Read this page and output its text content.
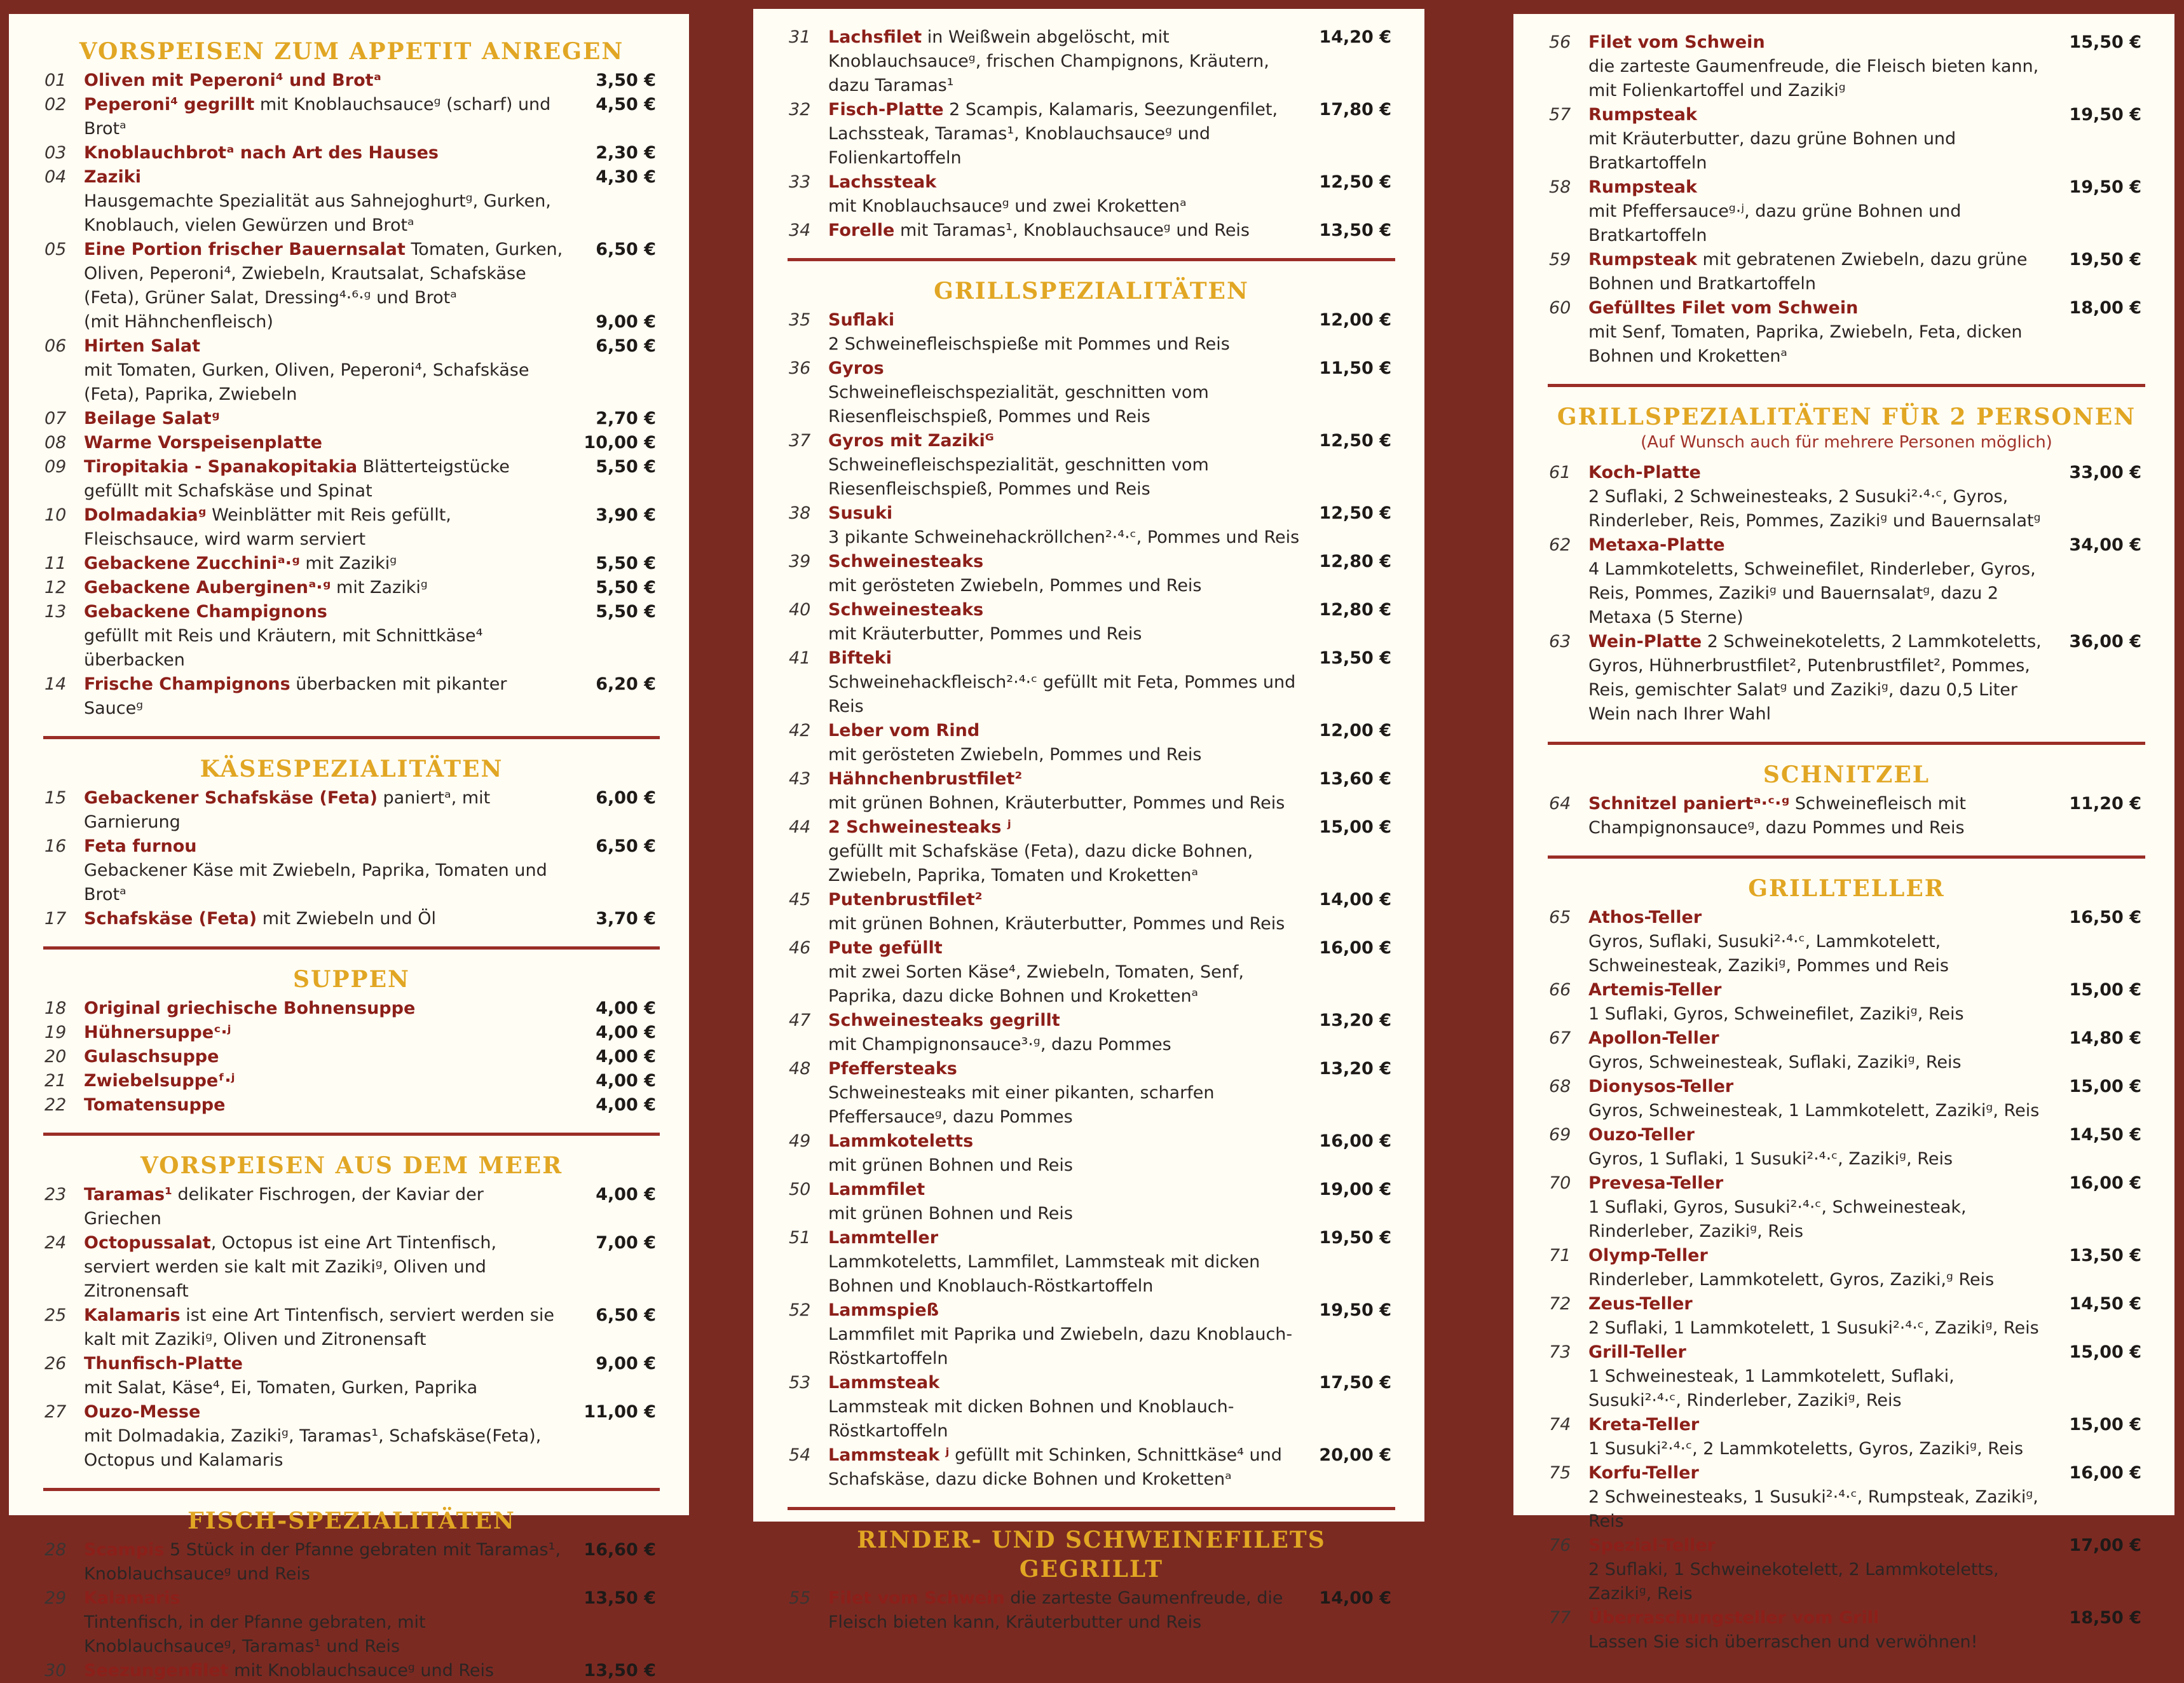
VORSPEISEN ZUM APPETIT ANREGEN
01 Oliven mit Peperoni⁴ und Brotᵃ	3,50 €
02 Peperoni⁴ gegrillt mit Knoblauchsauceᵍ (scharf) und Brotᵃ
4,50 €
03 Knoblauchbrotᵃ nach Art des Hauses	2,30 €
04 Zaziki
Hausgemachte Spezialität aus Sahnejoghurtᵍ, Gurken, Knoblauch, vielen Gewürzen und Brotᵃ
4,30 €
05 Eine Portion frischer Bauernsalat Tomaten, Gurken, Oliven, Peperoni⁴, Zwiebeln, Krautsalat, Schafskäse (Feta), Grüner Salat, Dressing⁴·⁶·ᵍ und Brotᵃ
6,50 €
(mit Hähnchenfleisch)	9,00 €
06 Hirten Salat
mit Tomaten, Gurken, Oliven, Peperoni⁴, Schafskäse (Feta), Paprika, Zwiebeln
6,50 €
07 Beilage Salatᵍ	2,70 €
08 Warme Vorspeisenplatte	10,00 €
09 Tiropitakia - Spanakopitakia Blätterteigstücke gefüllt mit Schafskäse und Spinat
5,50 €
10 Dolmadakiaᵍ Weinblätter mit Reis gefüllt, Fleischsauce, wird warm serviert
3,90 €
11 Gebackene Zucchiniᵃ·ᵍ mit Zazikiᵍ	5,50 €
12 Gebackene Auberginenᵃ·ᵍ mit Zazikiᵍ	5,50 €
13 Gebackene Champignons
gefüllt mit Reis und Kräutern, mit Schnittkäse⁴ überbacken
5,50 €
14 Frische Champignons überbacken mit pikanter Sauceᵍ
6,20 €
KÄSESPEZIALITÄTEN
15 Gebackener Schafskäse (Feta) paniertᵃ, mit Garnierung
6,00 €
16 Feta furnou
Gebackener Käse mit Zwiebeln, Paprika, Tomaten und Brotᵃ
6,50 €
17 Schafskäse (Feta) mit Zwiebeln und Öl	3,70 €
SUPPEN
18 Original griechische Bohnensuppe	4,00 €
19 Hühnersuppeᶜ·ʲ	4,00 €
20 Gulaschsuppe	4,00 €
21 Zwiebelsuppeᶠ·ʲ	4,00 €
22 Tomatensuppe	4,00 €
VORSPEISEN AUS DEM MEER
23 Taramas¹ delikater Fischrogen, der Kaviar der Griechen
4,00 €
24 Octopussalat, Octopus ist eine Art Tintenfisch, serviert werden sie kalt mit Zazikiᵍ, Oliven und Zitronensaft
7,00 €
25 Kalamaris ist eine Art Tintenfisch, serviert werden sie kalt mit Zazikiᵍ, Oliven und Zitronensaft
6,50 €
26 Thunfisch-Platte
mit Salat, Käse⁴, Ei, Tomaten, Gurken, Paprika
9,00 €
27 Ouzo-Messe
mit Dolmadakia, Zazikiᵍ, Taramas¹, Schafskäse(Feta), Octopus und Kalamaris
11,00 €
FISCH-SPEZIALITÄTEN
28 Scampis 5 Stück in der Pfanne gebraten mit Taramas¹, Knoblauchsauceᵍ und Reis
16,60 €
29 Kalamaris
Tintenfisch, in der Pfanne gebraten, mit Knoblauchsauceᵍ, Taramas¹ und Reis
13,50 €
30 Seezungenfilet mit Knoblauchsauceᵍ und Reis	13,50 €
31 Lachsfilet in Weißwein abgelöscht, mit Knoblauchsauceᵍ, frischen Champignons, Kräutern, dazu Taramas¹
14,20 €
32 Fisch-Platte 2 Scampis, Kalamaris, Seezungenfilet, Lachssteak, Taramas¹, Knoblauchsauceᵍ und Folienkartoffeln
17,80 €
33 Lachssteak
mit Knoblauchsauceᵍ und zwei Krokettenᵃ
12,50 €
34 Forelle mit Taramas¹, Knoblauchsauceᵍ und Reis	13,50 €
GRILLSPEZIALITÄTEN
35 Suflaki
2 Schweinefleischspieße mit Pommes und Reis
12,00 €
36 Gyros
Schweinefleischspezialität, geschnitten vom Riesenfleischspieß, Pommes und Reis
11,50 €
37 Gyros mit Zazikiᴳ
Schweinefleischspezialität, geschnitten vom Riesenfleischspieß, Pommes und Reis
12,50 €
38 Susuki
3 pikante Schweinehackröllchen²·⁴·ᶜ, Pommes und Reis
12,50 €
39 Schweinesteaks
mit gerösteten Zwiebeln, Pommes und Reis
12,80 €
40 Schweinesteaks
mit Kräuterbutter, Pommes und Reis
12,80 €
41 Bifteki
Schweinehackfleisch²·⁴·ᶜ gefüllt mit Feta, Pommes und Reis
13,50 €
42 Leber vom Rind
mit gerösteten Zwiebeln, Pommes und Reis
12,00 €
43 Hähnchenbrustfilet²
mit grünen Bohnen, Kräuterbutter, Pommes und Reis
13,60 €
44 2 Schweinesteaks ʲ
gefüllt mit Schafskäse (Feta), dazu dicke Bohnen, Zwiebeln, Paprika, Tomaten und Krokettenᵃ
15,00 €
45 Putenbrustfilet²
mit grünen Bohnen, Kräuterbutter, Pommes und Reis
14,00 €
46 Pute gefüllt
mit zwei Sorten Käse⁴, Zwiebeln, Tomaten, Senf, Paprika, dazu dicke Bohnen und Krokettenᵃ
16,00 €
47 Schweinesteaks gegrillt
mit Champignonsauce³·ᵍ, dazu Pommes
13,20 €
48 Pfeffersteaks
Schweinesteaks mit einer pikanten, scharfen Pfeffersauceᵍ, dazu Pommes
13,20 €
49 Lammkoteletts
mit grünen Bohnen und Reis
16,00 €
50 Lammfilet
mit grünen Bohnen und Reis
19,00 €
51 Lammteller
Lammkoteletts, Lammfilet, Lammsteak mit dicken Bohnen und Knoblauch-Röstkartoffeln
19,50 €
52 Lammspieß
Lammfilet mit Paprika und Zwiebeln, dazu Knoblauch-Röstkartoffeln
19,50 €
53 Lammsteak
Lammsteak mit dicken Bohnen und Knoblauch-Röstkartoffeln
17,50 €
54 Lammsteak ʲ gefüllt mit Schinken, Schnittkäse⁴ und Schafskäse, dazu dicke Bohnen und Krokettenᵃ
20,00 €
RINDER- UND SCHWEINEFILETS GEGRILLT
55 Filet vom Schwein die zarteste Gaumenfreude, die Fleisch bieten kann, Kräuterbutter und Reis
14,00 €
56 Filet vom Schwein
die zarteste Gaumenfreude, die Fleisch bieten kann, mit Folienkartoffel und Zazikiᵍ
15,50 €
57 Rumpsteak
mit Kräuterbutter, dazu grüne Bohnen und Bratkartoffeln
19,50 €
58 Rumpsteak
mit Pfeffersauceᵍ·ʲ, dazu grüne Bohnen und Bratkartoffeln
19,50 €
59 Rumpsteak mit gebratenen Zwiebeln, dazu grüne Bohnen und Bratkartoffeln
19,50 €
60 Gefülltes Filet vom Schwein
mit Senf, Tomaten, Paprika, Zwiebeln, Feta, dicken Bohnen und Krokettenᵃ
18,00 €
GRILLSPEZIALITÄTEN FÜR 2 PERSONEN
(Auf Wunsch auch für mehrere Personen möglich)
61 Koch-Platte
2 Suflaki, 2 Schweinesteaks, 2 Susuki²·⁴·ᶜ, Gyros, Rinderleber, Reis, Pommes, Zazikiᵍ und Bauernsalatᵍ
33,00 €
62 Metaxa-Platte
4 Lammkoteletts, Schweinefilet, Rinderleber, Gyros, Reis, Pommes, Zazikiᵍ und Bauernsalatᵍ, dazu 2 Metaxa (5 Sterne)
34,00 €
63 Wein-Platte 2 Schweinekoteletts, 2 Lammkoteletts, Gyros, Hühnerbrustfilet², Putenbrustfilet², Pommes, Reis, gemischter Salatᵍ und Zazikiᵍ, dazu 0,5 Liter Wein nach Ihrer Wahl
36,00 €
SCHNITZEL
64 Schnitzel paniertᵃ·ᶜ·ᵍ Schweinefleisch mit Champignonsauceᵍ, dazu Pommes und Reis
11,20 €
GRILLTELLER
65 Athos-Teller
Gyros, Suflaki, Susuki²·⁴·ᶜ, Lammkotelett, Schweinesteak, Zazikiᵍ, Pommes und Reis
16,50 €
66 Artemis-Teller
1 Suflaki, Gyros, Schweinefilet, Zazikiᵍ, Reis
15,00 €
67 Apollon-Teller
Gyros, Schweinesteak, Suflaki, Zazikiᵍ, Reis
14,80 €
68 Dionysos-Teller
Gyros, Schweinesteak, 1 Lammkotelett, Zazikiᵍ, Reis
15,00 €
69 Ouzo-Teller
Gyros, 1 Suflaki, 1 Susuki²·⁴·ᶜ, Zazikiᵍ, Reis
14,50 €
70 Prevesa-Teller
1 Suflaki, Gyros, Susuki²·⁴·ᶜ, Schweinesteak, Rinderleber, Zazikiᵍ, Reis
16,00 €
71 Olymp-Teller
Rinderleber, Lammkotelett, Gyros, Zaziki,ᵍ Reis
13,50 €
72 Zeus-Teller
2 Suflaki, 1 Lammkotelett, 1 Susuki²·⁴·ᶜ, Zazikiᵍ, Reis
14,50 €
73 Grill-Teller
1 Schweinesteak, 1 Lammkotelett, Suflaki, Susuki²·⁴·ᶜ, Rinderleber, Zazikiᵍ, Reis
15,00 €
74 Kreta-Teller
1 Susuki²·⁴·ᶜ, 2 Lammkoteletts, Gyros, Zazikiᵍ, Reis
15,00 €
75 Korfu-Teller
2 Schweinesteaks, 1 Susuki²·⁴·ᶜ, Rumpsteak, Zazikiᵍ, Reis
16,00 €
76 Spezial-Teller
2 Suflaki, 1 Schweinekotelett, 2 Lammkoteletts, Zazikiᵍ, Reis
17,00 €
77 Überraschungsteller vom Grill
Lassen Sie sich überraschen und verwöhnen!
18,50 €
